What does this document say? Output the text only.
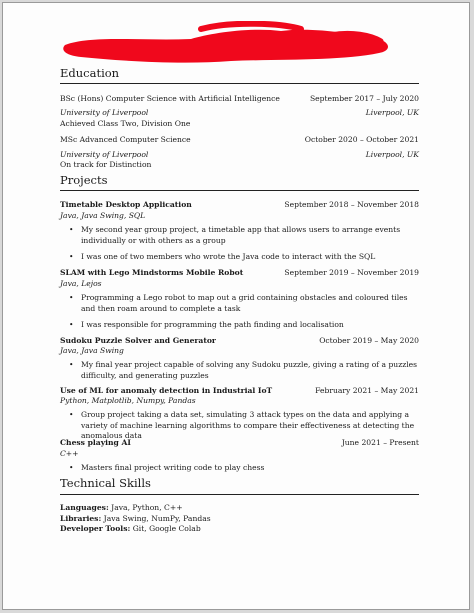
Education
BSc (Hons) Computer Science with Artificial Intelligence	September 2017 – July 2020
University of Liverpool	Liverpool, UK
Achieved Class Two, Division One
MSc Advanced Computer Science	October 2020 – October 2021
University of Liverpool	Liverpool, UK
On track for Distinction
Projects
Timetable Desktop Application	September 2018 – November 2018
Java, Java Swing, SQL
• My second year group project, a timetable app that allows users to arrange events individually or with others as a group
• I was one of two members who wrote the Java code to interact with the SQL
SLAM with Lego Mindstorms Mobile Robot	September 2019 – November 2019
Java, Lejos
• Programming a Lego robot to map out a grid containing obstacles and coloured tiles and then roam around to complete a task
• I was responsible for programming the path finding and localisation
Sudoku Puzzle Solver and Generator	October 2019 – May 2020
Java, Java Swing
• My final year project capable of solving any Sudoku puzzle, giving a rating of a puzzles difficulty, and generating puzzles
Use of ML for anomaly detection in Industrial IoT	February 2021 – May 2021
Python, Matplotlib, Numpy, Pandas
• Group project taking a data set, simulating 3 attack types on the data and applying a variety of machine learning algorithms to compare their effectiveness at detecting the anomalous data
Chess playing AI	June 2021 – Present
C++
• Masters final project writing code to play chess
Technical Skills
Languages: Java, Python, C++
Libraries: Java Swing, NumPy, Pandas
Developer Tools: Git, Google Colab
